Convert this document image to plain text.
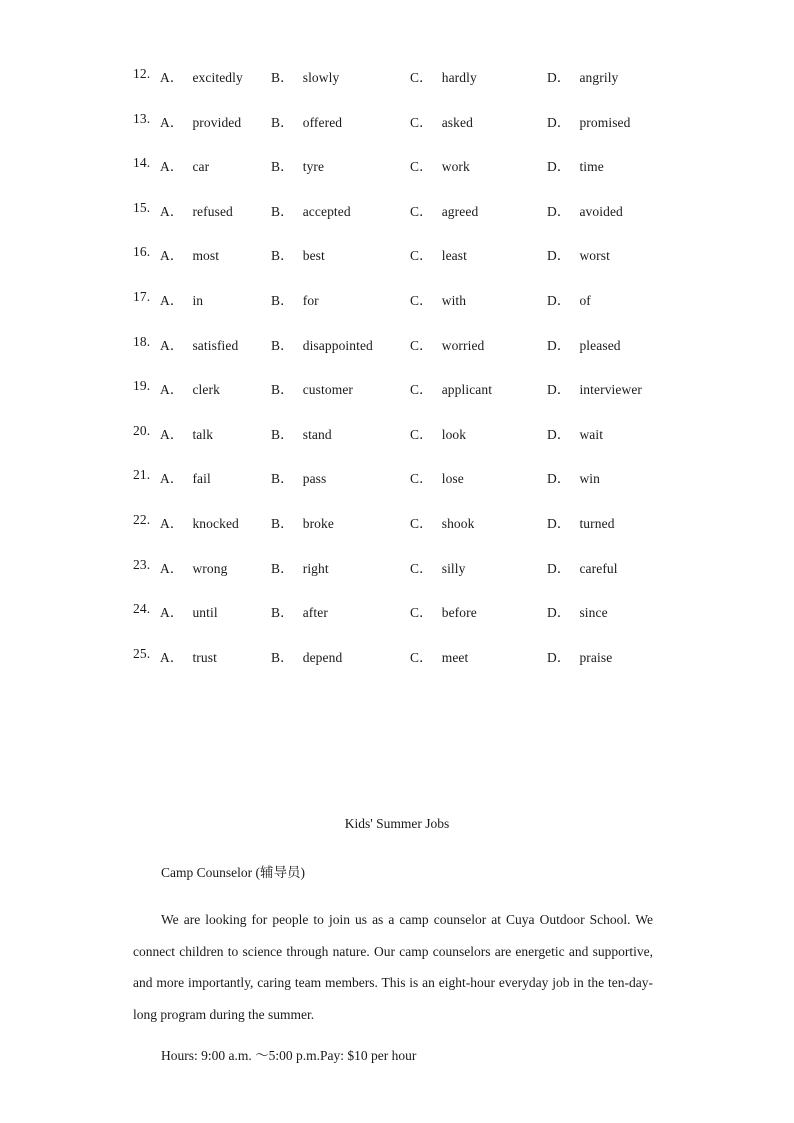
12. A． excitedly B． slowly	C． hardly	D． angrily
13. A． provided B． offered	C． asked	D． promised
14. A． car	B． tyre	C． work	D． time
15. A． refused	B． accepted	C． agreed	D． avoided
16. A． most	B． best	C． least	D． worst
17. A． in	B． for	C． with	D． of
18. A． satisfied B． disappointed	C． worried	D． pleased
19. A． clerk	B． customer	C． applicant	D． interviewer
20. A． talk	B． stand	C． look	D． wait
21. A． fail	B． pass	C． lose	D． win
22. A． knocked B． broke	C． shook	D． turned
23. A． wrong	B． right	C． silly	D． careful
24. A． until	B． after	C． before	D． since
25. A． trust	B． depend	C． meet	D． praise
Kids' Summer Jobs
Camp Counselor (辅导员)
We are looking for people to join us as a camp counselor at Cuya Outdoor School. We connect children to science through nature. Our camp counselors are energetic and supportive, and more importantly, caring team members. This is an eight-hour everyday job in the ten-day-long program during the summer.
Hours: 9:00 a.m. ～5:00 p.m.Pay: $10 per hour
